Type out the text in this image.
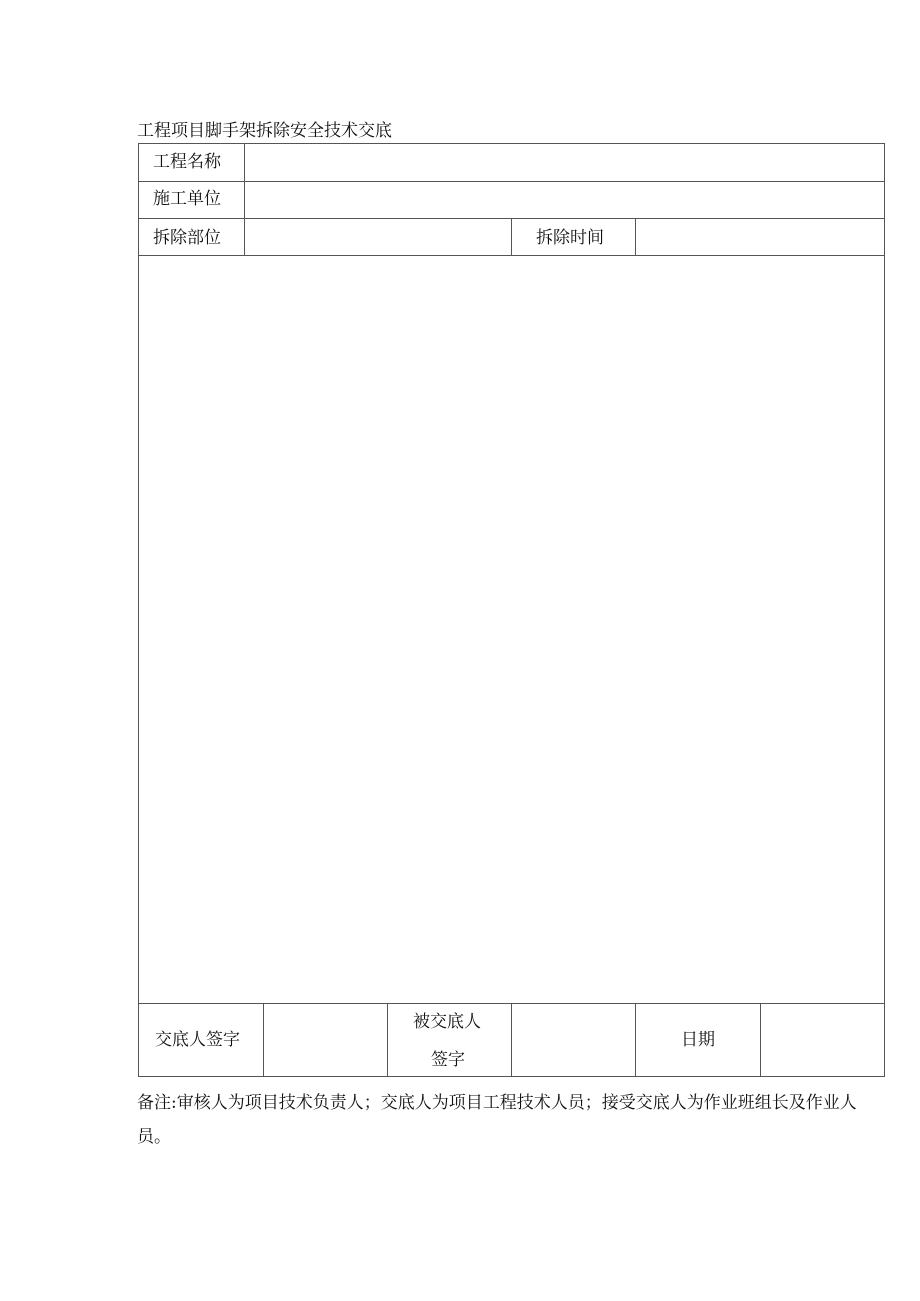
工程项目脚手架拆除安全技术交底
工程名称
施工单位
拆除部位	拆除时间
交底人签字
被交底人
签字
日期
备注:审核人为项目技术负责人；交底人为项目工程技术人员；接受交底人为作业班组长及作业人员。
